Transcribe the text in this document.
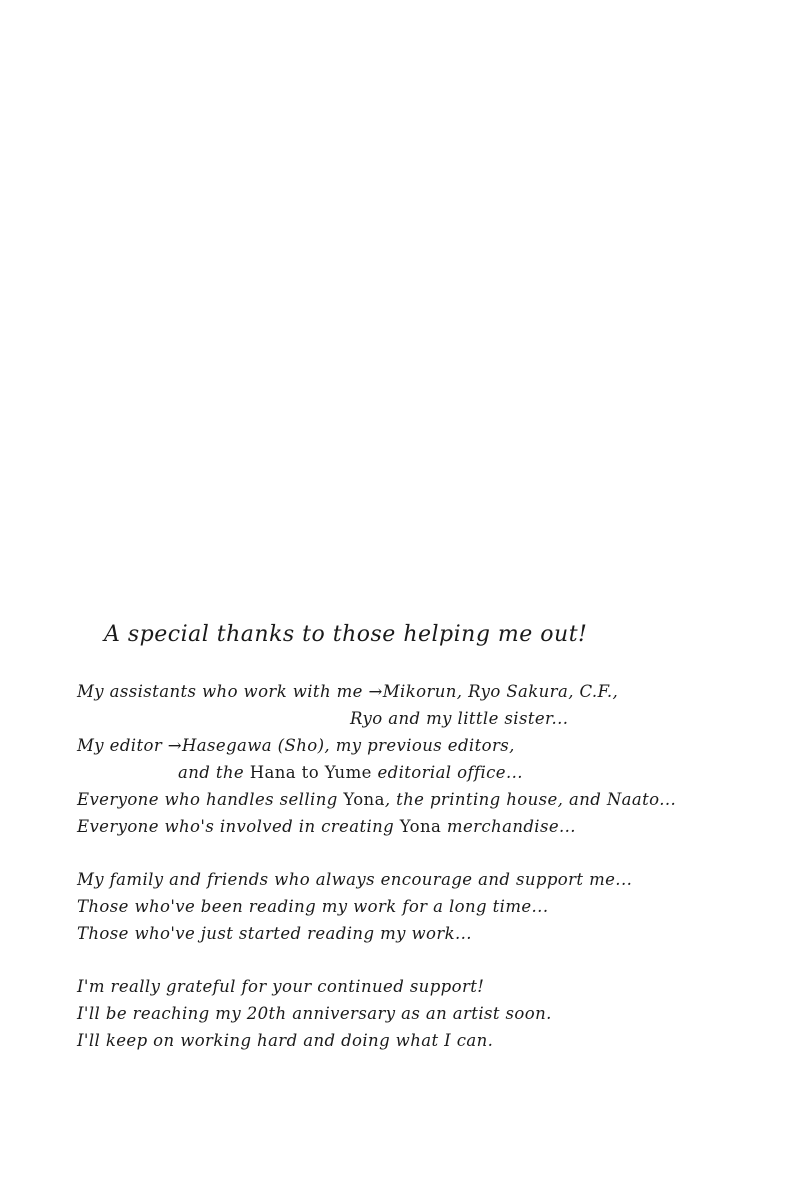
A special thanks to those helping me out!
My assistants who work with me →Mikorun, Ryo Sakura, C.F.,
Ryo and my little sister...
My editor →Hasegawa (Sho), my previous editors,
and the Hana to Yume editorial office...
Everyone who handles selling Yona, the printing house, and Naato...
Everyone who's involved in creating Yona merchandise...
My family and friends who always encourage and support me...
Those who've been reading my work for a long time...
Those who've just started reading my work...
I'm really grateful for your continued support!
I'll be reaching my 20th anniversary as an artist soon.
I'll keep on working hard and doing what I can.
